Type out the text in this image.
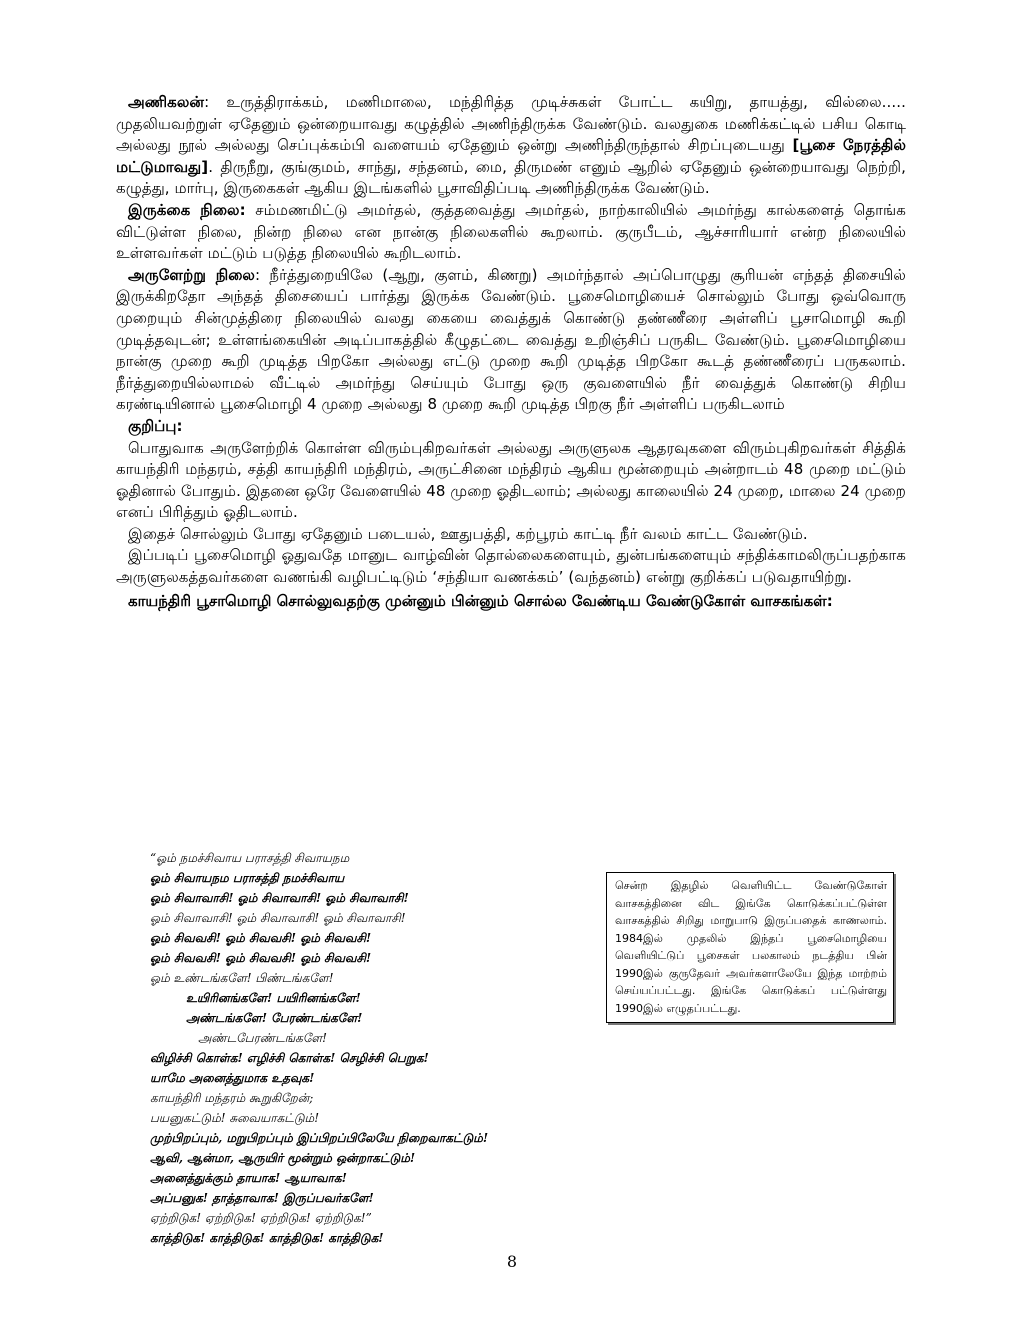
அணிகலன்: உருத்திராக்கம், மணிமாலை, மந்திரித்த முடிச்சுகள் போட்ட கயிறு, தாயத்து, வில்லை..... முதலியவற்றுள் ஏதேனும் ஒன்றையாவது கழுத்தில் அணிந்திருக்க வேண்டும். வலதுகை மணிக்கட்டில் பசிய கொடி அல்லது நூல் அல்லது செப்புக்கம்பி வளையம் ஏதேனும் ஒன்று அணிந்திருந்தால் சிறப்புடையது [பூசை நேரத்தில் மட்டுமாவது]. திருநீறு, குங்குமம், சாந்து, சந்தனம், மை, திருமண் எனும் ஆறில் ஏதேனும் ஒன்றையாவது நெற்றி, கழுத்து, மார்பு, இருகைகள் ஆகிய இடங்களில் பூசாவிதிப்படி அணிந்திருக்க வேண்டும்.

இருக்கை நிலை: சம்மணமிட்டு அமர்தல், குத்தவைத்து அமர்தல், நாற்காலியில் அமர்ந்து கால்களைத் தொங்க விட்டுள்ள நிலை, நின்ற நிலை என நான்கு நிலைகளில் கூறலாம். குருபீடம், ஆச்சாரியார் என்ற நிலையில் உள்ளவர்கள் மட்டும் படுத்த நிலையில் கூறிடலாம்.

அருளேற்று நிலை: நீர்த்துறையிலே (ஆறு, குளம், கிணறு) அமர்ந்தால் அப்பொழுது சூரியன் எந்தத் திசையில் இருக்கிறதோ அந்தத் திசையைப் பார்த்து இருக்க வேண்டும். பூசைமொழியைச் சொல்லும் போது ஒவ்வொரு முறையும் சின்முத்திரை நிலையில் வலது கையை வைத்துக் கொண்டு தண்ணீரை அள்ளிப் பூசாமொழி கூறி முடித்தவுடன்; உள்ளங்கையின் அடிப்பாகத்தில் கீழுதட்டை வைத்து உறிஞ்சிப் பருகிட வேண்டும். பூசைமொழியை நான்கு முறை கூறி முடித்த பிறகோ அல்லது எட்டு முறை கூறி முடித்த பிறகோ கூடத் தண்ணீரைப் பருகலாம். நீர்த்துறையில்லாமல் வீட்டில் அமர்ந்து செய்யும் போது ஒரு குவளையில் நீர் வைத்துக் கொண்டு சிறிய கரண்டியினால் பூசைமொழி 4 முறை அல்லது 8 முறை கூறி முடித்த பிறகு நீர் அள்ளிப் பருகிடலாம்

குறிப்பு:

பொதுவாக அருளேற்றிக் கொள்ள விரும்புகிறவர்கள் அல்லது அருளுலக ஆதரவுகளை விரும்புகிறவர்கள் சித்திக் காயந்திரி மந்தரம், சத்தி காயந்திரி மந்திரம், அருட்சினை மந்திரம் ஆகிய மூன்றையும் அன்றாடம் 48 முறை மட்டும் ஓதினால் போதும். இதனை ஒரே வேளையில் 48 முறை ஓதிடலாம்; அல்லது காலையில் 24 முறை, மாலை 24 முறை எனப் பிரித்தும் ஓதிடலாம்.

இதைச் சொல்லும் போது ஏதேனும் படையல், ஊதுபத்தி, கற்பூரம் காட்டி நீர் வலம் காட்ட வேண்டும்.

இப்படிப் பூசைமொழி ஓதுவதே மானுட வாழ்வின் தொல்லைகளையும், துன்பங்களையும் சந்திக்காமலிருப்பதற்காக அருளுலகத்தவர்களை வணங்கி வழிபட்டிடும் ‘சந்தியா வணக்கம்’ (வந்தனம்) என்று குறிக்கப் படுவதாயிற்று.

காயந்திரி பூசாமொழி சொல்லுவதற்கு முன்னும் பின்னும் சொல்ல வேண்டிய வேண்டுகோள் வாசகங்கள்:
“ஓம் நமச்சிவாய பராசத்தி சிவாயநம
ஓம் சிவாயநம பராசத்தி நமச்சிவாய
ஓம் சிவாவாசி! ஓம் சிவாவாசி! ஓம் சிவாவாசி!
ஓம் சிவாவாசி! ஓம் சிவாவாசி! ஓம் சிவாவாசி!
ஓம் சிவவசி! ஓம் சிவவசி! ஓம் சிவவசி!
ஓம் சிவவசி! ஓம் சிவவசி! ஓம் சிவவசி!
ஓம் உண்டங்களே! பிண்டங்களே!
உயிரினங்களே! பயிரினங்களே!
அண்டங்களே! பேரண்டங்களே!
அண்டபேரண்டங்களே!
விழிச்சி கொள்க! எழிச்சி கொள்க! செழிச்சி பெறுக!
யாமே அனைத்துமாக உதவுக!
காயந்திரி மந்தரம் கூறுகிறேன்;
பயனுகட்டும்! சுவையாகட்டும்!
முற்பிறப்பும், மறுபிறப்பும் இப்பிறப்பிலேயே நிறைவாகட்டும்!
ஆவி, ஆன்மா, ஆருயிர் மூன்றும் ஒன்றாகட்டும்!
அனைத்துக்கும் தாயாக! ஆயாவாக!
அப்பனுக! தாத்தாவாக! இருப்பவர்களே!
ஏற்றிடுக! ஏற்றிடுக! ஏற்றிடுக! ஏற்றிடுக!”
காத்திடுக! காத்திடுக! காத்திடுக! காத்திடுக!
சென்ற இதழில் வெளியிட்ட வேண்டுகோள் வாசகத்தினை விட இங்கே கொடுக்கப்பட்டுள்ள வாசகத்தில் சிறிது மாறுபாடு இருப்பதைக் காணலாம். 1984இல் முதலில் இந்தப் பூசைமொழியை வெளியிட்டுப் பூசைகள் பலகாலம் நடத்திய பின் 1990இல் குருதேவர் அவர்களாலேயே இந்த மாற்றம் செய்யப்பட்டது. இங்கே கொடுக்கப் பட்டுள்ளது 1990இல் எழுதப்பட்டது.
8
